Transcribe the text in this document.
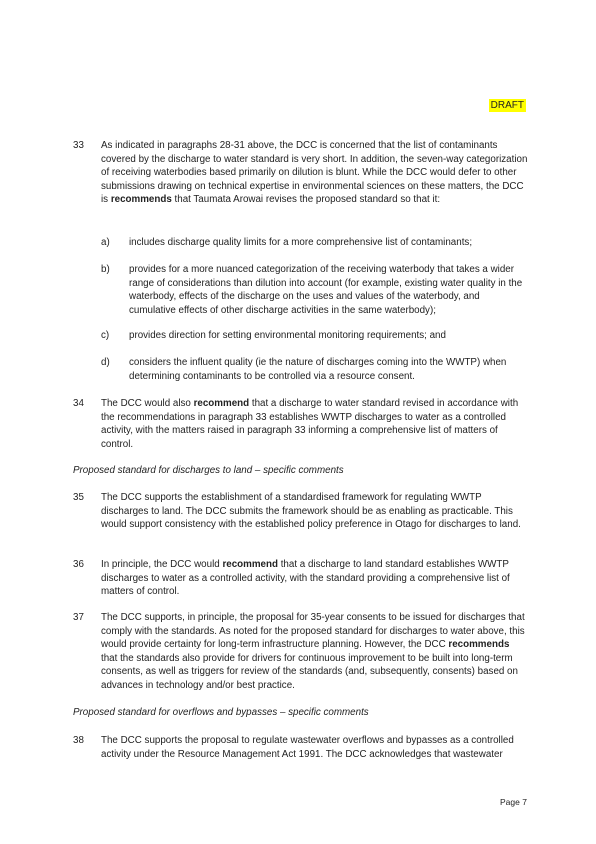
DRAFT
33 As indicated in paragraphs 28-31 above, the DCC is concerned that the list of contaminants covered by the discharge to water standard is very short. In addition, the seven-way categorization of receiving waterbodies based primarily on dilution is blunt. While the DCC would defer to other submissions drawing on technical expertise in environmental sciences on these matters, the DCC is recommends that Taumata Arowai revises the proposed standard so that it:
a) includes discharge quality limits for a more comprehensive list of contaminants;
b) provides for a more nuanced categorization of the receiving waterbody that takes a wider range of considerations than dilution into account (for example, existing water quality in the waterbody, effects of the discharge on the uses and values of the waterbody, and cumulative effects of other discharge activities in the same waterbody);
c) provides direction for setting environmental monitoring requirements; and
d) considers the influent quality (ie the nature of discharges coming into the WWTP) when determining contaminants to be controlled via a resource consent.
34 The DCC would also recommend that a discharge to water standard revised in accordance with the recommendations in paragraph 33 establishes WWTP discharges to water as a controlled activity, with the matters raised in paragraph 33 informing a comprehensive list of matters of control.
Proposed standard for discharges to land – specific comments
35 The DCC supports the establishment of a standardised framework for regulating WWTP discharges to land. The DCC submits the framework should be as enabling as practicable. This would support consistency with the established policy preference in Otago for discharges to land.
36 In principle, the DCC would recommend that a discharge to land standard establishes WWTP discharges to water as a controlled activity, with the standard providing a comprehensive list of matters of control.
37 The DCC supports, in principle, the proposal for 35-year consents to be issued for discharges that comply with the standards. As noted for the proposed standard for discharges to water above, this would provide certainty for long-term infrastructure planning. However, the DCC recommends that the standards also provide for drivers for continuous improvement to be built into long-term consents, as well as triggers for review of the standards (and, subsequently, consents) based on advances in technology and/or best practice.
Proposed standard for overflows and bypasses – specific comments
38 The DCC supports the proposal to regulate wastewater overflows and bypasses as a controlled activity under the Resource Management Act 1991. The DCC acknowledges that wastewater
Page 7
